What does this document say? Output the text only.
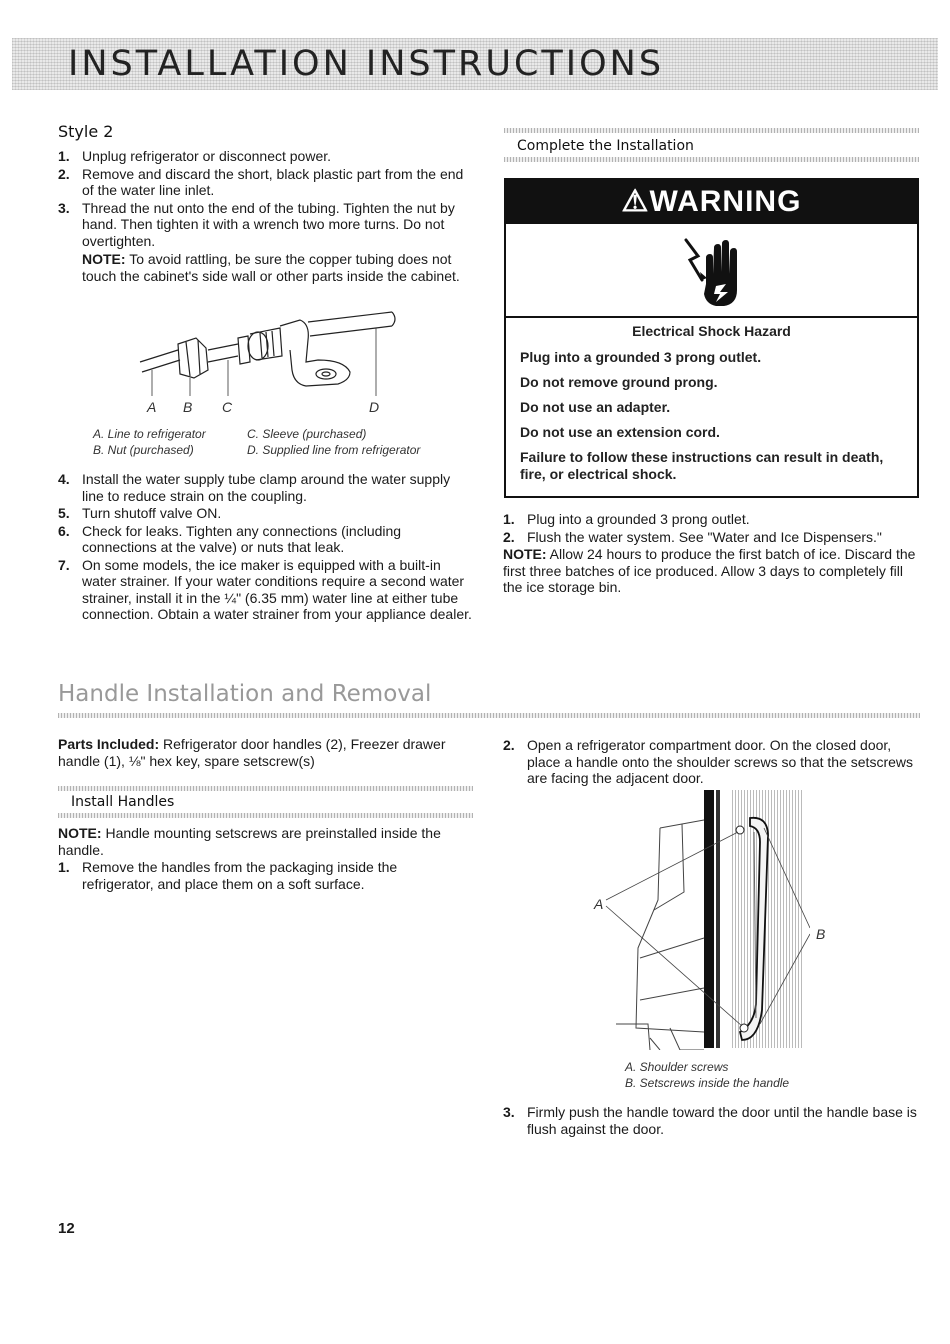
INSTALLATION INSTRUCTIONS
Style 2
1. Unplug refrigerator or disconnect power.
2. Remove and discard the short, black plastic part from the end of the water line inlet.
3. Thread the nut onto the end of the tubing. Tighten the nut by hand. Then tighten it with a wrench two more turns. Do not overtighten.

NOTE: To avoid rattling, be sure the copper tubing does not touch the cabinet's side wall or other parts inside the cabinet.

A B C	D
A. Line to refrigerator
B. Nut (purchased)
C. Sleeve (purchased)
D. Supplied line from refrigerator
4. Install the water supply tube clamp around the water supply line to reduce strain on the coupling.
5. Turn shutoff valve ON.
6. Check for leaks. Tighten any connections (including connections at the valve) or nuts that leak.
7. On some models, the ice maker is equipped with a built-in water strainer. If your water conditions require a second water strainer, install it in the ¼" (6.35 mm) water line at either tube connection. Obtain a water strainer from your appliance dealer.
Complete the Installation
⚠WARNING
Electrical Shock Hazard

Plug into a grounded 3 prong outlet.

Do not remove ground prong.

Do not use an adapter.

Do not use an extension cord.

Failure to follow these instructions can result in death, fire, or electrical shock.

1. Plug into a grounded 3 prong outlet.
2. Flush the water system. See "Water and Ice Dispensers."

NOTE: Allow 24 hours to produce the first batch of ice. Discard the first three batches of ice produced. Allow 3 days to completely fill the ice storage bin.

Handle Installation and Removal

Parts Included: Refrigerator door handles (2), Freezer drawer handle (1), ⅛" hex key, spare setscrew(s)

Install Handles

NOTE: Handle mounting setscrews are preinstalled inside the handle.

1. Remove the handles from the packaging inside the refrigerator, and place them on a soft surface.
2. Open a refrigerator compartment door. On the closed door, place a handle onto the shoulder screws so that the setscrews are facing the adjacent door.
A
B
A. Shoulder screws
B. Setscrews inside the handle
3. Firmly push the handle toward the door until the handle base is flush against the door.
12
